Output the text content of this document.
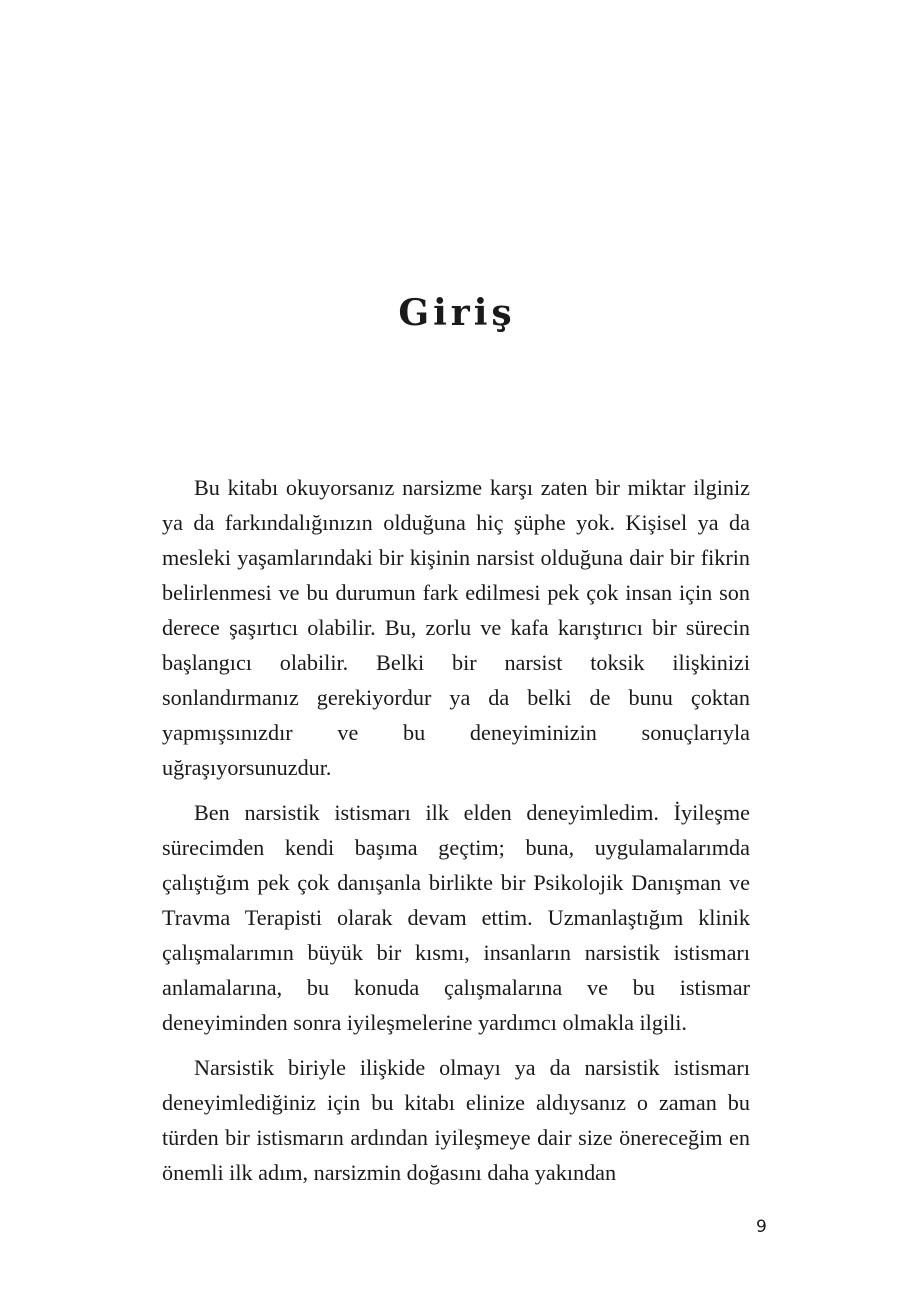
Giriş

Bu kitabı okuyorsanız narsizme karşı zaten bir miktar ilginiz ya da farkındalığınızın olduğuna hiç şüphe yok. Kişisel ya da mesleki yaşamlarındaki bir kişinin narsist olduğuna dair bir fikrin belirlenmesi ve bu durumun fark edilmesi pek çok insan için son derece şaşırtıcı olabilir. Bu, zorlu ve kafa karıştırıcı bir sürecin başlangıcı olabilir. Belki bir narsist toksik ilişkinizi sonlandırmanız gerekiyordur ya da belki de bunu çoktan yapmışsınızdır ve bu deneyiminizin sonuçlarıyla uğraşıyorsunuzdur.

Ben narsistik istismarı ilk elden deneyimledim. İyileşme sürecimden kendi başıma geçtim; buna, uygulamalarımda çalıştığım pek çok danışanla birlikte bir Psikolojik Danışman ve Travma Terapisti olarak devam ettim. Uzmanlaştığım klinik çalışmalarımın büyük bir kısmı, insanların narsistik istismarı anlamalarına, bu konuda çalışmalarına ve bu istismar deneyiminden sonra iyileşmelerine yardımcı olmakla ilgili.

Narsistik biriyle ilişkide olmayı ya da narsistik istismarı deneyimlediğiniz için bu kitabı elinize aldıysanız o zaman bu türden bir istismarın ardından iyileşmeye dair size önereceğim en önemli ilk adım, narsizmin doğasını daha yakından

9
